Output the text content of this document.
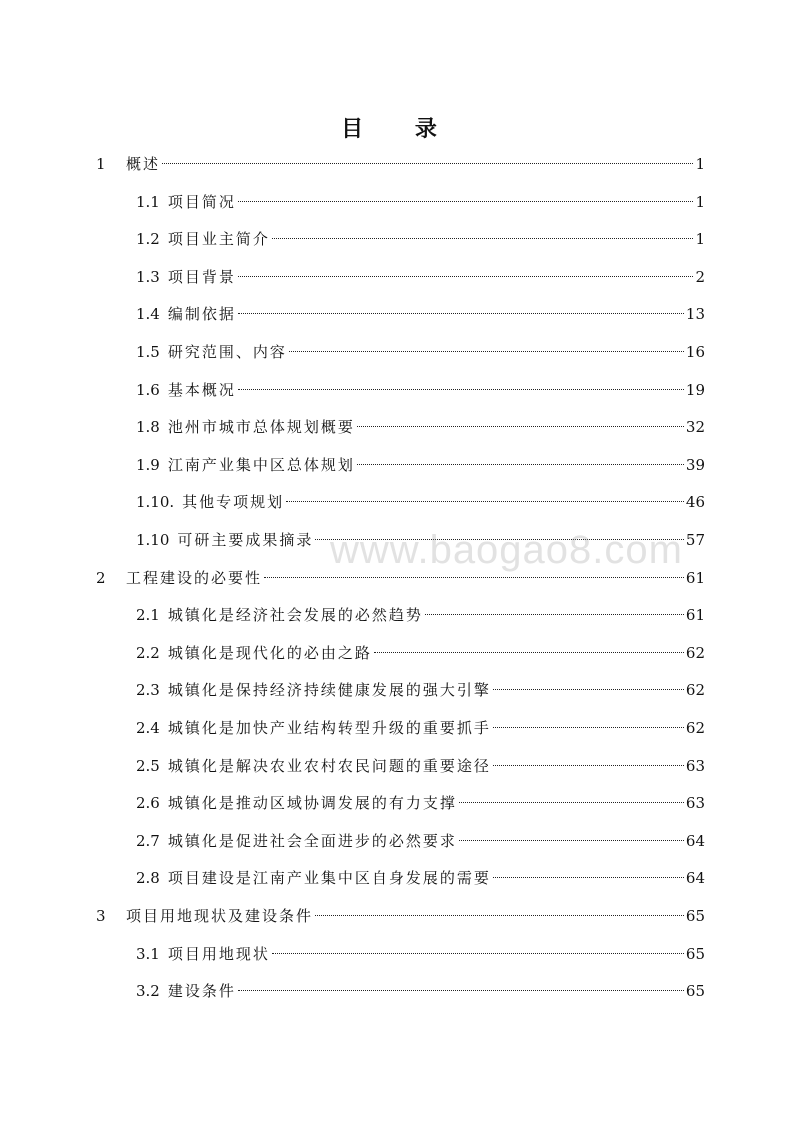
目 录
1	概述	1
1.1 项目简况	1
1.2 项目业主简介	1
1.3 项目背景	2
1.4 编制依据	13
1.5 研究范围、内容	16
1.6 基本概况	19
1.8 池州市城市总体规划概要	32
1.9 江南产业集中区总体规划	39
1.10. 其他专项规划	46
1.10 可研主要成果摘录	57
2	工程建设的必要性	61
2.1 城镇化是经济社会发展的必然趋势	61
2.2 城镇化是现代化的必由之路	62
2.3 城镇化是保持经济持续健康发展的强大引擎	62
2.4 城镇化是加快产业结构转型升级的重要抓手	62
2.5 城镇化是解决农业农村农民问题的重要途径	63
2.6 城镇化是推动区域协调发展的有力支撑	63
2.7 城镇化是促进社会全面进步的必然要求	64
2.8 项目建设是江南产业集中区自身发展的需要	64
3	项目用地现状及建设条件	65
3.1 项目用地现状	65
3.2 建设条件	65
www.baogao8.com
